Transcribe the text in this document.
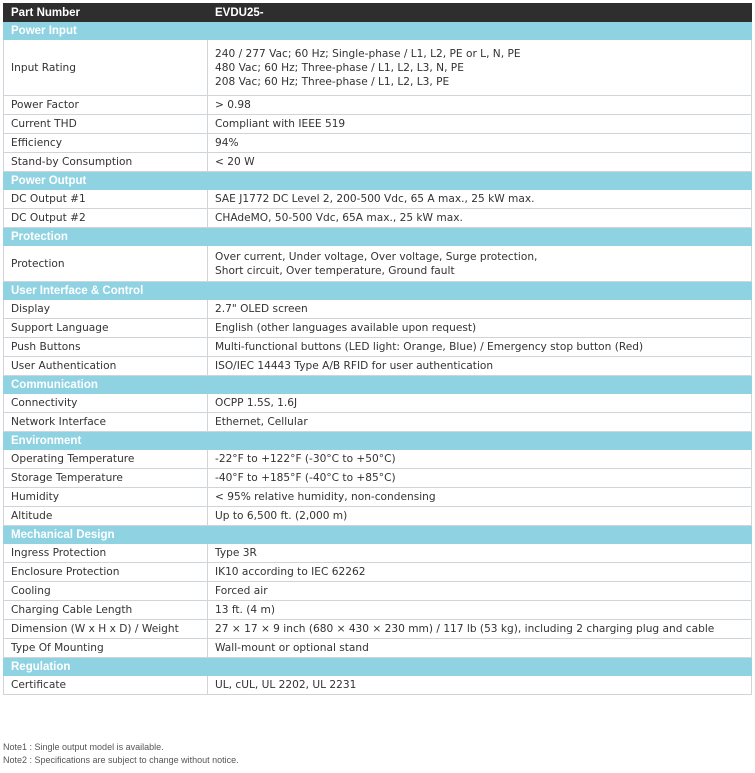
Part Number	EVDU25-
Power Input	
Input Rating	240 / 277 Vac; 60 Hz; Single-phase / L1, L2, PE or L, N, PE
480 Vac; 60 Hz; Three-phase / L1, L2, L3, N, PE
208 Vac; 60 Hz; Three-phase / L1, L2, L3, PE
Power Factor	> 0.98
Current THD	Compliant with IEEE 519
Efficiency	94%
Stand-by Consumption	< 20 W
Power Output	
DC Output #1	SAE J1772 DC Level 2, 200-500 Vdc, 65 A max., 25 kW max.
DC Output #2	CHAdeMO, 50-500 Vdc, 65A max., 25 kW max.
Protection	
Protection	Over current, Under voltage, Over voltage, Surge protection,
Short circuit, Over temperature, Ground fault
User Interface & Control	
Display	2.7" OLED screen
Support Language	English (other languages available upon request)
Push Buttons	Multi-functional buttons (LED light: Orange, Blue) / Emergency stop button (Red)
User Authentication	ISO/IEC 14443 Type A/B RFID for user authentication
Communication	
Connectivity	OCPP 1.5S, 1.6J
Network Interface	Ethernet, Cellular
Environment	
Operating Temperature	-22°F to +122°F (-30°C to +50°C)
Storage Temperature	-40°F to +185°F (-40°C to +85°C)
Humidity	< 95% relative humidity, non-condensing
Altitude	Up to 6,500 ft. (2,000 m)
Mechanical Design	
Ingress Protection	Type 3R
Enclosure Protection	IK10 according to IEC 62262
Cooling	Forced air
Charging Cable Length	13 ft. (4 m)
Dimension (W x H x D) / Weight	27 × 17 × 9 inch (680 × 430 × 230 mm) / 117 lb (53 kg), including 2 charging plug and cable
Type Of Mounting	Wall-mount or optional stand
Regulation	
Certificate	UL, cUL, UL 2202, UL 2231
Note1 : Single output model is available.
Note2 : Specifications are subject to change without notice.
